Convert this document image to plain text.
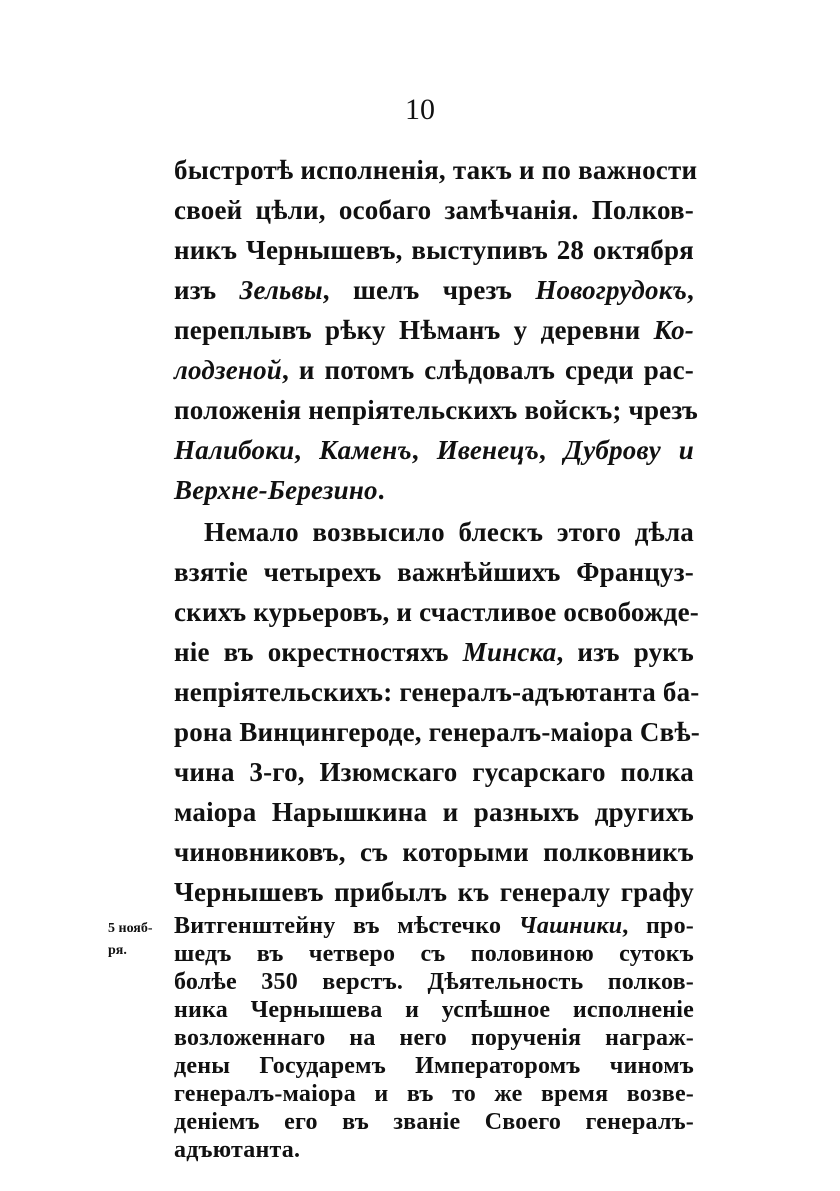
10
быстротѣ исполненія, такъ и по важности
своей цѣли, особаго замѣчанія. Полков-
никъ Чернышевъ, выступивъ 28 октября
изъ Зельвы, шелъ чрезъ Новогрудокъ,
переплывъ рѣку Нѣманъ у деревни Ко-
лодзеной, и потомъ слѣдовалъ среди рас-
положенія непріятельскихъ войскъ; чрезъ
Налибоки, Каменъ, Ивенецъ, Дуброву и
Верхне-Березино.
Немало возвысило блескъ этого дѣла
взятіе четырехъ важнѣйшихъ Француз-
скихъ курьеровъ, и счастливое освобожде-
ніе въ окрестностяхъ Минска, изъ рукъ
непріятельскихъ: генералъ-адъютанта ба-
рона Винцингероде, генералъ-маіора Свѣ-
чина 3-го, Изюмскаго гусарскаго полка
маіора Нарышкина и разныхъ другихъ
чиновниковъ, съ которыми полковникъ
Чернышевъ прибылъ къ генералу графу
5 нояб-
ря.
Витгенштейну въ мѣстечко Чашники, про-
шедъ въ четверо съ половиною сутокъ
болѣе 350 верстъ. Дѣятельность полков-
ника Чернышева и успѣшное исполненіе
возложеннаго на него порученія награж-
дены Государемъ Императоромъ чиномъ
генералъ-маіора и въ то же время возве-
деніемъ его въ званіе Своего генералъ-
адъютанта.
